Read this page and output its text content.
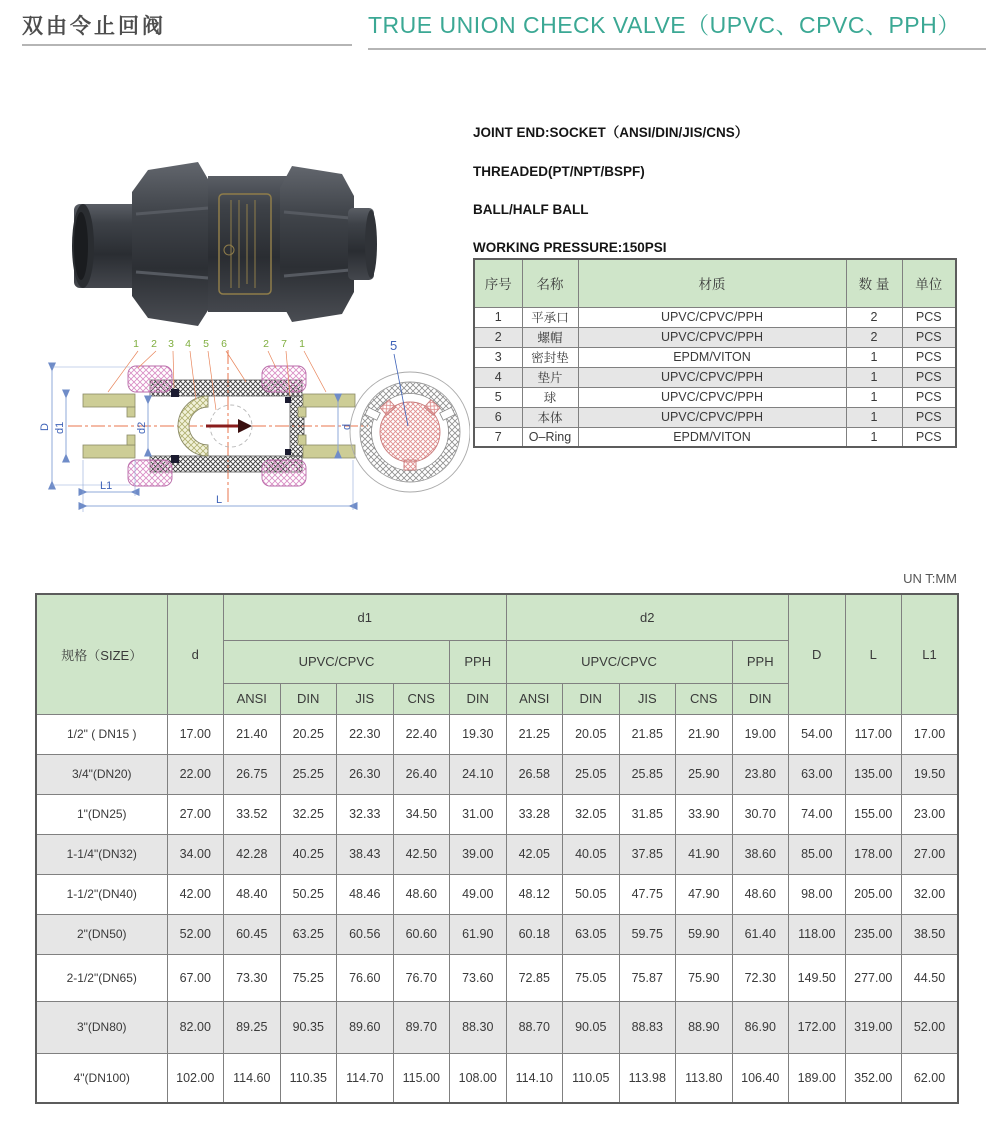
双由令止回阀	TRUE UNION CHECK VALVE（UPVC、CPVC、PPH）

JOINT END:SOCKET（ANSI/DIN/JIS/CNS）

THREADED(PT/NPT/BSPF)

BALL/HALF BALL

WORKING PRESSURE:150PSI

序号	名称	材质	数 量	单位
1	平承口	UPVC/CPVC/PPH	2	PCS
2	螺帽	UPVC/CPVC/PPH	2	PCS
3	密封垫	EPDM/VITON	1	PCS
4	垫片	UPVC/CPVC/PPH	1	PCS
5	球	UPVC/CPVC/PPH	1	PCS
6	本体	UPVC/CPVC/PPH	1	PCS
7	O–Ring	EPDM/VITON	1	PCS
D d1	d2	d
L1
L
1 2 3 4 5 6	2 7 1	5
UN T:MM
规格（SIZE）	d	d1					d2					D	L	L1
		UPVC/CPVC				PPH	UPVC/CPVC				PPH			
		ANSI	DIN	JIS	CNS	DIN	ANSI	DIN	JIS	CNS	DIN			
1/2" ( DN15 )	17.00	21.40	20.25	22.30	22.40	19.30	21.25	20.05	21.85	21.90	19.00	54.00	117.00	17.00
3/4"(DN20)	22.00	26.75	25.25	26.30	26.40	24.10	26.58	25.05	25.85	25.90	23.80	63.00	135.00	19.50
1"(DN25)	27.00	33.52	32.25	32.33	34.50	31.00	33.28	32.05	31.85	33.90	30.70	74.00	155.00	23.00
1-1/4"(DN32)	34.00	42.28	40.25	38.43	42.50	39.00	42.05	40.05	37.85	41.90	38.60	85.00	178.00	27.00
1-1/2"(DN40)	42.00	48.40	50.25	48.46	48.60	49.00	48.12	50.05	47.75	47.90	48.60	98.00	205.00	32.00
2"(DN50)	52.00	60.45	63.25	60.56	60.60	61.90	60.18	63.05	59.75	59.90	61.40	118.00	235.00	38.50
2-1/2"(DN65)	67.00	73.30	75.25	76.60	76.70	73.60	72.85	75.05	75.87	75.90	72.30	149.50	277.00	44.50
3"(DN80)	82.00	89.25	90.35	89.60	89.70	88.30	88.70	90.05	88.83	88.90	86.90	172.00	319.00	52.00
4"(DN100)	102.00	114.60	110.35	114.70	115.00	108.00	114.10	110.05	113.98	113.80	106.40	189.00	352.00	62.00
